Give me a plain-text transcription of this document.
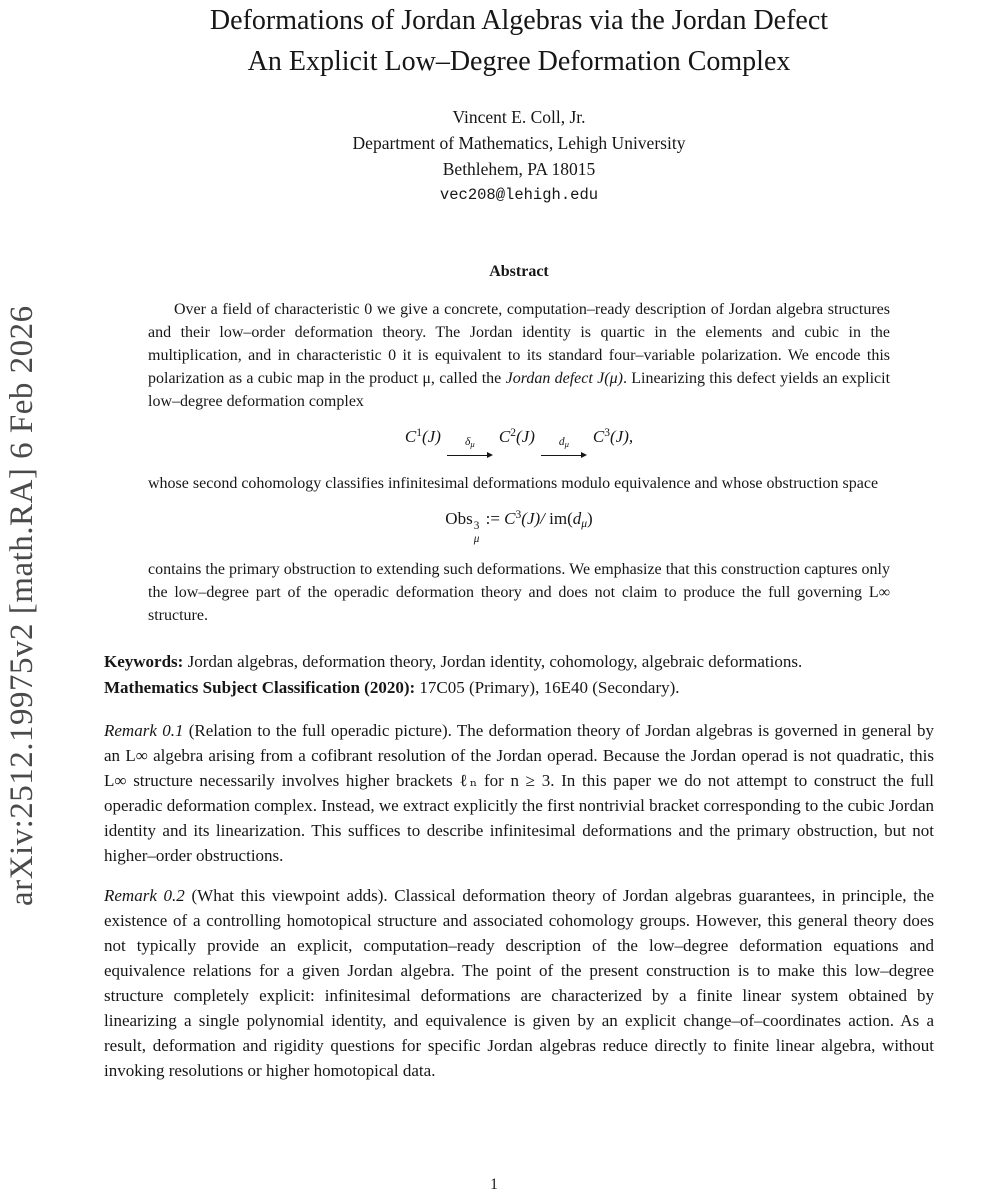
arXiv:2512.19975v2 [math.RA] 6 Feb 2026
Deformations of Jordan Algebras via the Jordan Defect
An Explicit Low–Degree Deformation Complex
Vincent E. Coll, Jr.
Department of Mathematics, Lehigh University
Bethlehem, PA 18015
vec208@lehigh.edu
Abstract

Over a field of characteristic 0 we give a concrete, computation–ready description of Jordan algebra structures and their low–order deformation theory. The Jordan identity is quartic in the elements and cubic in the multiplication, and in characteristic 0 it is equivalent to its standard four–variable polarization. We encode this polarization as a cubic map in the product μ, called the Jordan defect J(μ). Linearizing this defect yields an explicit low–degree deformation complex

$C^1(J)$ δμ $C^2(J)$ dμ $C^3(J)$,

whose second cohomology classifies infinitesimal deformations modulo equivalence and whose obstruction space

Obs 3
μ
:= $C^3(J)/$ im(dμ)

contains the primary obstruction to extending such deformations. We emphasize that this construction captures only the low–degree part of the operadic deformation theory and does not claim to produce the full governing L∞ structure.

Keywords: Jordan algebras, deformation theory, Jordan identity, cohomology, algebraic deformations.

Mathematics Subject Classification (2020): 17C05 (Primary), 16E40 (Secondary).

Remark 0.1 (Relation to the full operadic picture). The deformation theory of Jordan algebras is governed in general by an L∞ algebra arising from a cofibrant resolution of the Jordan operad. Because the Jordan operad is not quadratic, this L∞ structure necessarily involves higher brackets ℓₙ for n ≥ 3. In this paper we do not attempt to construct the full operadic deformation complex. Instead, we extract explicitly the first nontrivial bracket corresponding to the cubic Jordan identity and its linearization. This suffices to describe infinitesimal deformations and the primary obstruction, but not higher–order obstructions.

Remark 0.2 (What this viewpoint adds). Classical deformation theory of Jordan algebras guarantees, in principle, the existence of a controlling homotopical structure and associated cohomology groups. However, this general theory does not typically provide an explicit, computation–ready description of the low–degree deformation equations and equivalence relations for a given Jordan algebra. The point of the present construction is to make this low–degree structure completely explicit: infinitesimal deformations are characterized by a finite linear system obtained by linearizing a single polynomial identity, and equivalence is given by an explicit change–of–coordinates action. As a result, deformation and rigidity questions for specific Jordan algebras reduce directly to finite linear algebra, without invoking resolutions or higher homotopical data.

1
